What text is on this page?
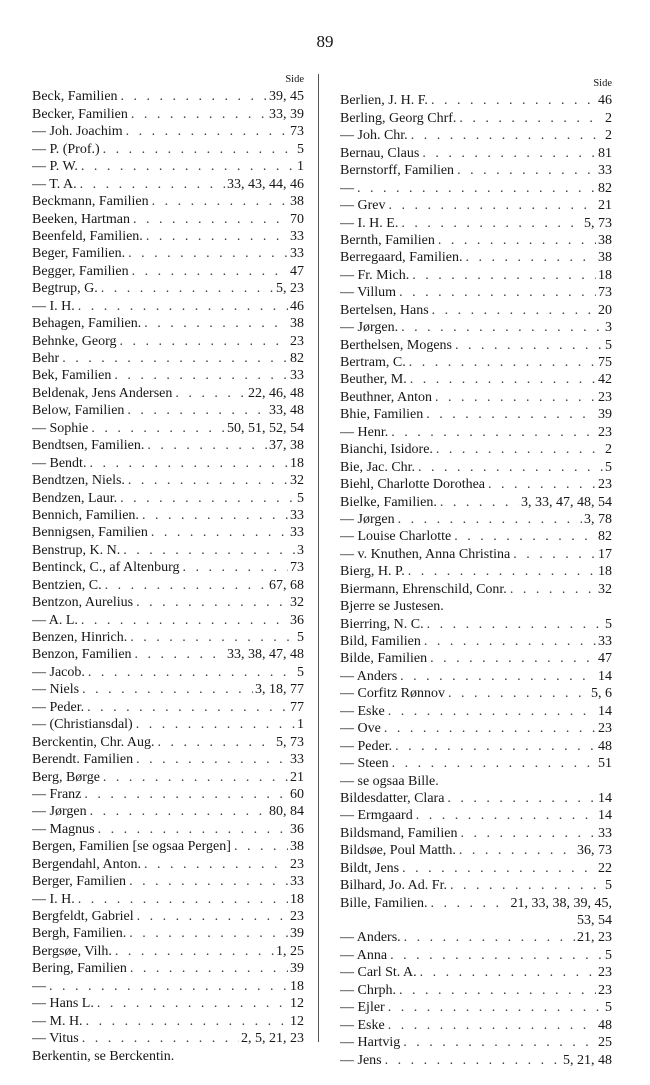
89
Side
Beck, Familien . . .	39, 45
Becker, Familien . . .	33, 39
— Joh. Joachim . . .	73
— P. (Prof.) . . .	5
— P. W. . . .	1
— T. A. . . .	33, 43, 44, 46
Beckmann, Familien . . .	38
Beeken, Hartman . . .	70
Beenfeld, Familien. . . .	33
Beger, Familien. . . .	33
Begger, Familien . . .	47
Begtrup, G. . . .	5, 23
— I. H. . . .	46
Behagen, Familien. . . .	38
Behnke, Georg . . .	23
Behr . . .	82
Bek, Familien . . .	33
Beldenak, Jens Andersen . . .	22, 46, 48
Below, Familien . . .	33, 48
— Sophie . . .	50, 51, 52, 54
Bendtsen, Familien. . . .	37, 38
— Bendt. . . .	18
Bendtzen, Niels. . . .	32
Bendzen, Laur. . . .	5
Bennich, Familien. . . .	33
Bennigsen, Familien . . .	33
Benstrup, K. N. . . .	3
Bentinck, C., af Altenburg . . .	73
Bentzien, C. . . .	67, 68
Bentzon, Aurelius . . .	32
— A. L. . . .	36
Benzen, Hinrich. . . .	5
Benzon, Familien . . .	33, 38, 47, 48
— Jacob. . . .	5
— Niels . . .	3, 18, 77
— Peder. . . .	77
— (Christiansdal) . . .	1
Berckentin, Chr. Aug. . . .	5, 73
Berendt. Familien . . .	33
Berg, Børge . . .	21
— Franz . . .	60
— Jørgen . . .	80, 84
— Magnus . . .	36
Bergen, Familien [se ogsaa Pergen] . . .	38
Bergendahl, Anton. . . .	23
Berger, Familien . . .	33
— I. H. . . .	18
Bergfeldt, Gabriel . . .	23
Bergh, Familien. . . .	39
Bergsøe, Vilh. . . .	1, 25
Bering, Familien . . .	39
— . . .	18
— Hans L. . . .	12
— M. H. . . .	12
— Vitus . . .	2, 5, 21, 23
Berkentin, se Berckentin.
Side
Berlien, J. H. F. . . .	46
Berling, Georg Chrf. . . .	2
— Joh. Chr. . . .	2
Bernau, Claus . . .	81
Bernstorff, Familien . . .	33
— . . .	82
— Grev . . .	21
— I. H. E. . . .	5, 73
Bernth, Familien . . .	38
Berregaard, Familien. . . .	38
— Fr. Mich. . . .	18
— Villum . . .	73
Bertelsen, Hans . . .	20
— Jørgen. . . .	3
Berthelsen, Mogens . . .	5
Bertram, C. . . .	75
Beuther, M. . . .	42
Beuthner, Anton . . .	23
Bhie, Familien . . .	39
— Henr. . . .	23
Bianchi, Isidore. . . .	2
Bie, Jac. Chr. . . .	5
Biehl, Charlotte Dorothea . . .	23
Bielke, Familien. . . .	3, 33, 47, 48, 54
— Jørgen . . .	3, 78
— Louise Charlotte . . .	82
— v. Knuthen, Anna Christina . . .	17
Bierg, H. P. . . .	18
Biermann, Ehrenschild, Conr. . . .	32
Bjerre se Justesen.
Bierring, N. C. . . .	5
Bild, Familien . . .	33
Bilde, Familien . . .	47
— Anders . . .	14
— Corfitz Rønnov . . .	5, 6
— Eske . . .	14
— Ove . . .	23
— Peder. . . .	48
— Steen . . .	51
— se ogsaa Bille.
Bildesdatter, Clara . . .	14
— Ermgaard . . .	14
Bildsmand, Familien . . .	33
Bildsøe, Poul Matth. . . .	36, 73
Bildt, Jens . . .	22
Bilhard, Jo. Ad. Fr. . . .	5
Bille, Familien. . . .	21, 33, 38, 39, 45,
53, 54
— Anders. . . .	21, 23
— Anna . . .	5
— Carl St. A. . . .	23
— Chrph. . . .	23
— Ejler . . .	5
— Eske . . .	48
— Hartvig . . .	25
— Jens . . .	5, 21, 48
